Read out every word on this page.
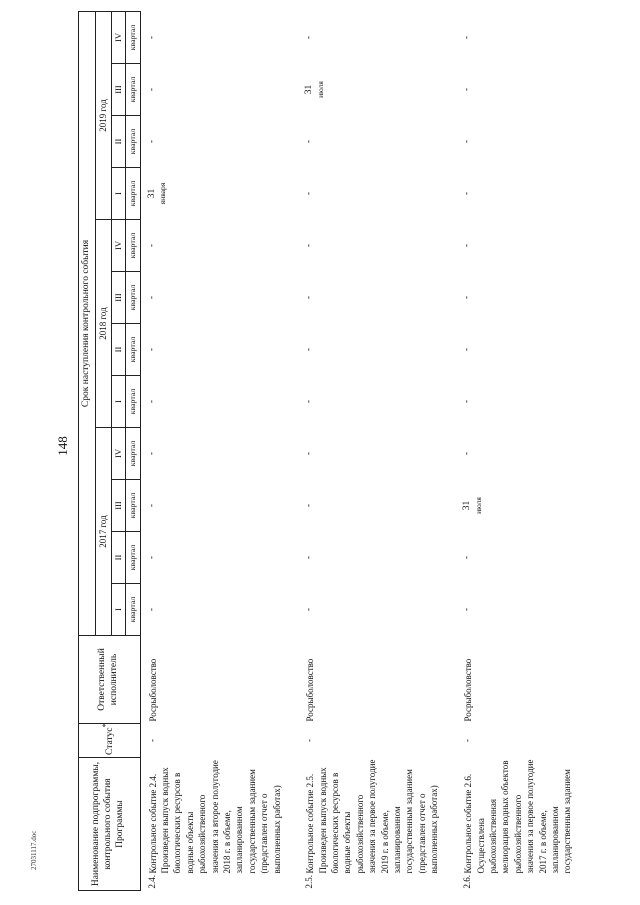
148
27031117.doc	Наименование подпрограммы, контрольного события Программы		Статус*	Ответственный исполнитель	Срок наступления контрольного события											
				2017 год				2018 год				2019 год			
				I	II	III	IV	I	II	III	IV	I	II	III	IV
				квартал	квартал	квартал	квартал	квартал	квартал	квартал	квартал	квартал	квартал	квартал	квартал
2.4.	Контрольное событие 2.4. Произведен выпуск водных биологических ресурсов в водные объекты рыбохозяйственного значения за второе полугодие 2018 г. в объеме, запланированном государственным заданием (представлен отчет о выполненных работах)	-	Росрыболовство	-	-	-	-	-	-	-	-	31 января	-	-	-

2.5.	Контрольное событие 2.5. Произведен выпуск водных биологических ресурсов в водные объекты рыбохозяйственного значения за первое полугодие 2019 г. в объеме, запланированном государственным заданием (представлен отчет о выполненных работах)	-	Росрыболовство	-	-	-	-	-	-	-	-	-	-	31 июля	-

2.6.	Контрольное событие 2.6. Осуществлена рыбохозяйственная мелиорация водных объектов рыбохозяйственного значения за первое полугодие 2017 г. в объеме, запланированном государственным заданием	-	Росрыболовство	-	-	31 июля	-	-	-	-	-	-	-	-	-
